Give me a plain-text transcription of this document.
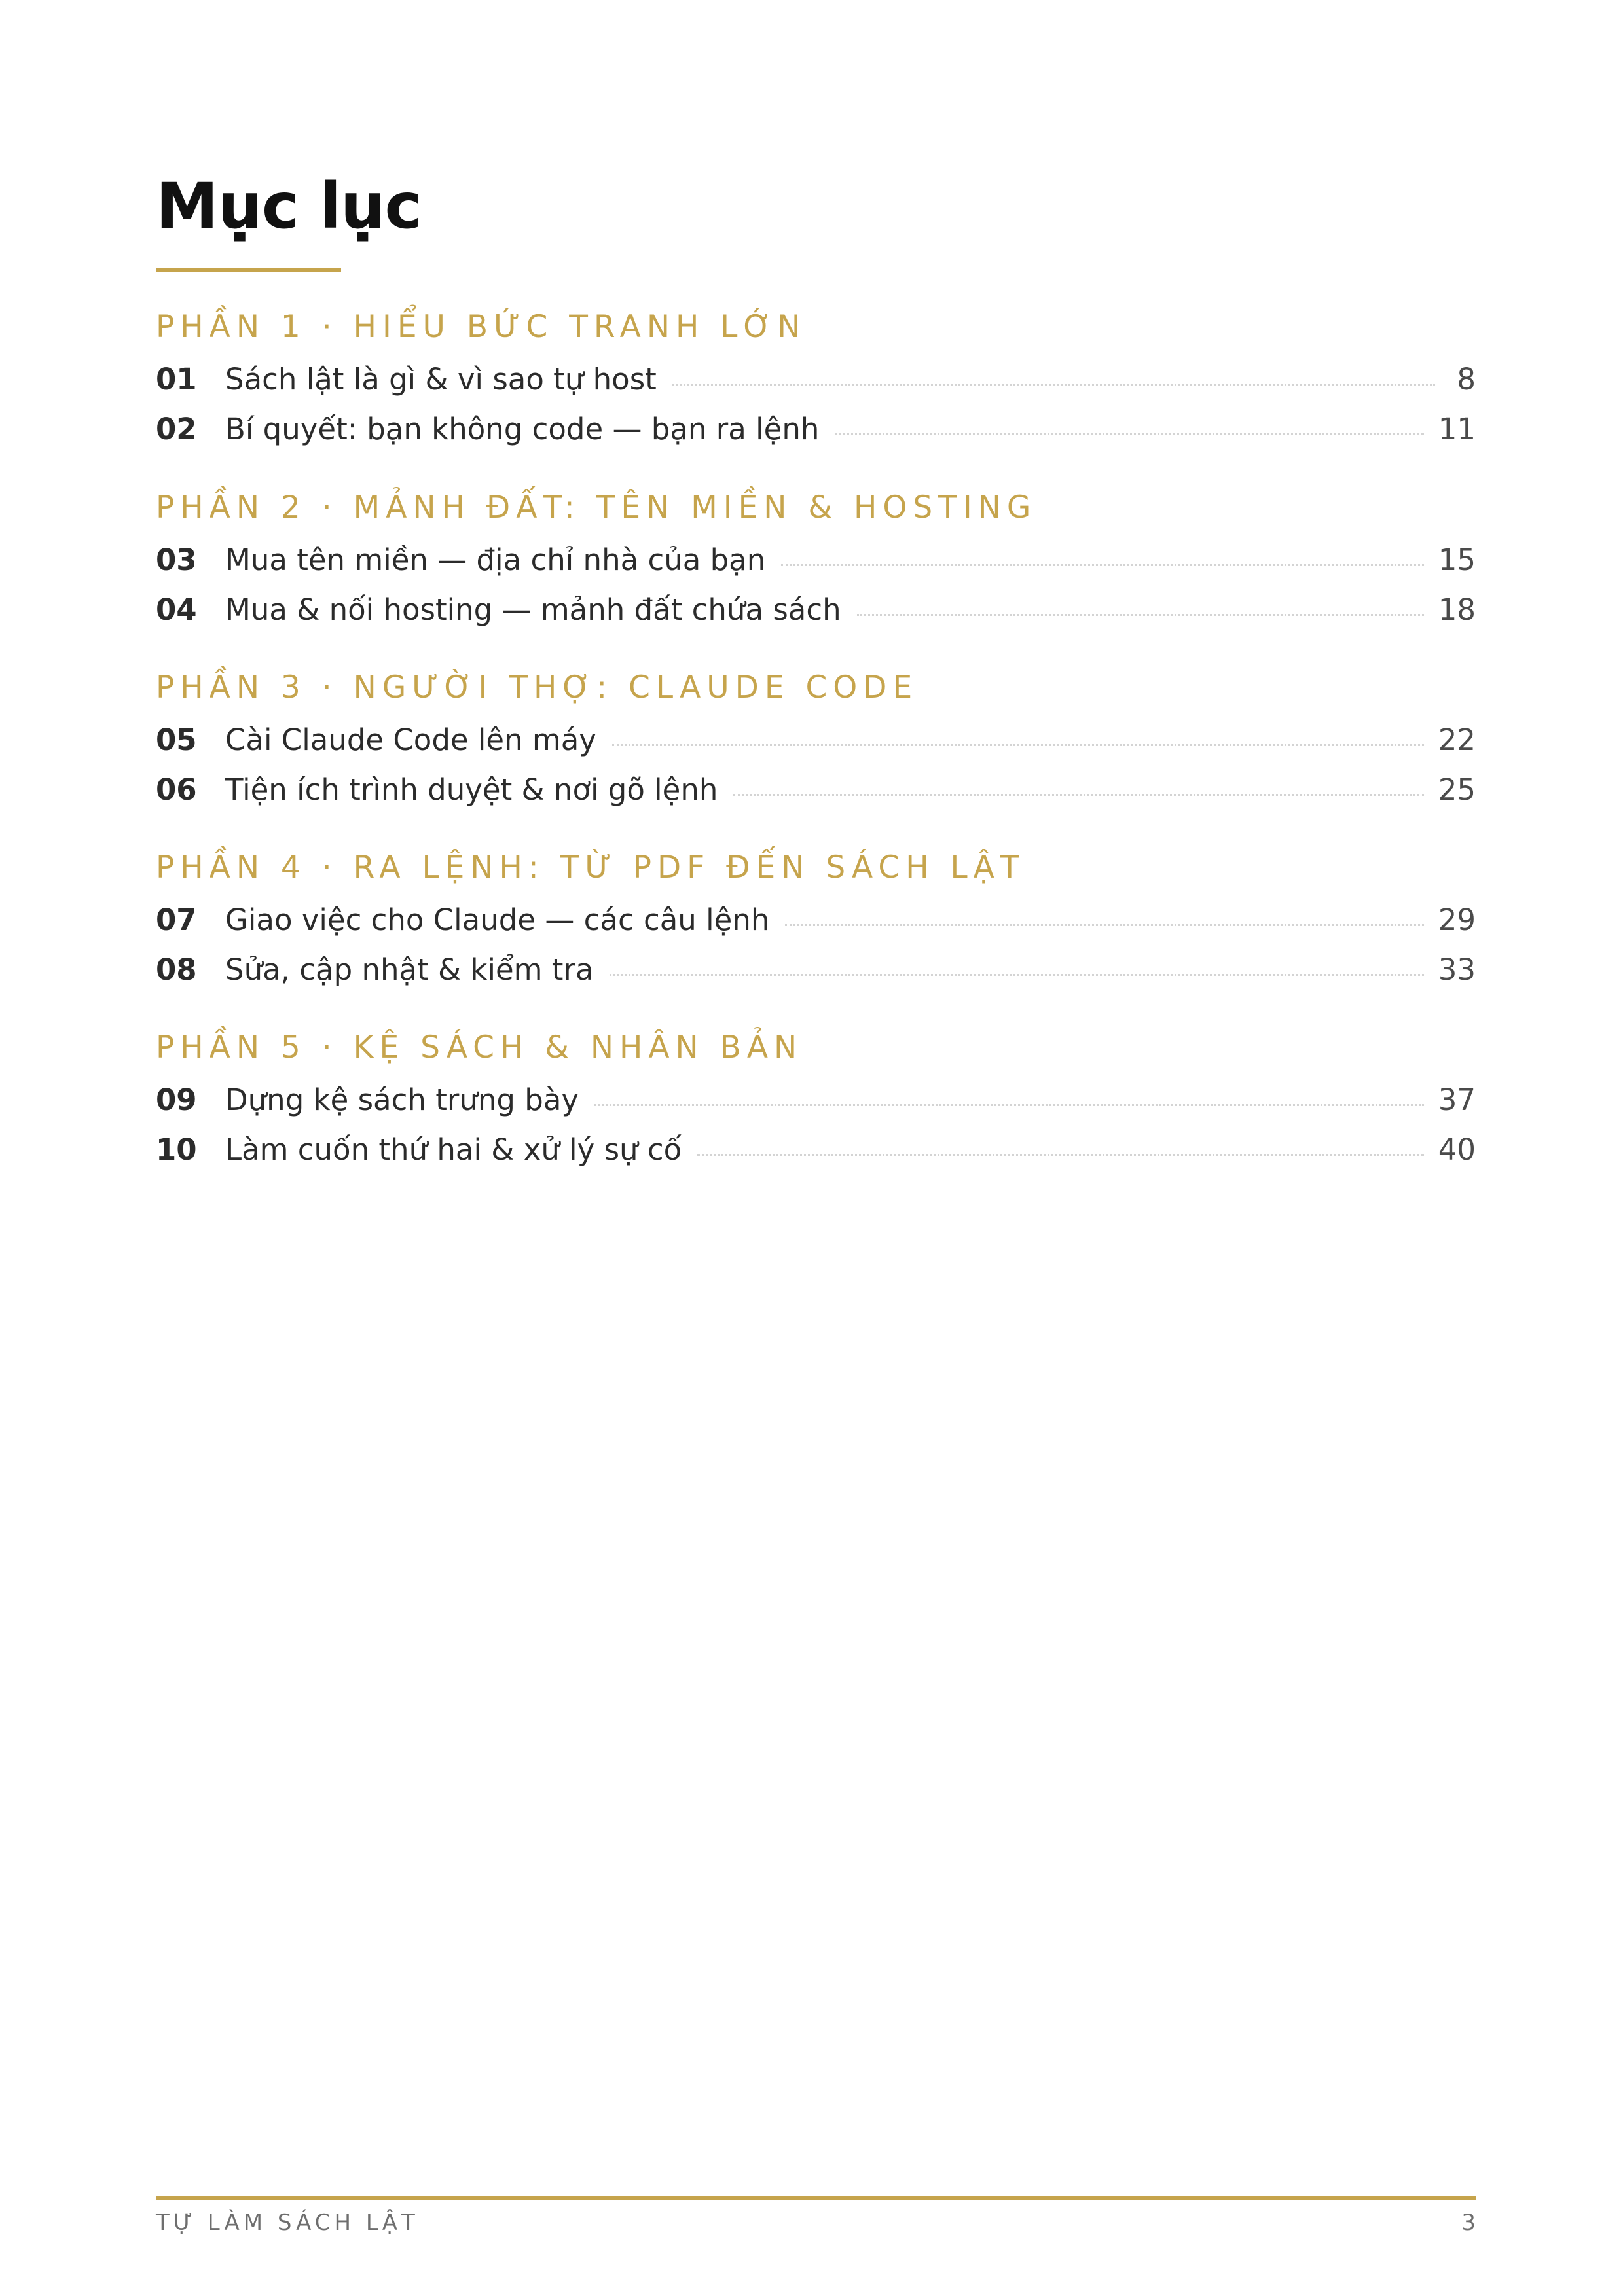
Mục lục
PHẦN 1 · HIỂU BỨC TRANH LỚN
01 Sách lật là gì & vì sao tự host	8
02 Bí quyết: bạn không code — bạn ra lệnh	11
PHẦN 2 · MẢNH ĐẤT: TÊN MIỀN & HOSTING
03 Mua tên miền — địa chỉ nhà của bạn	15
04 Mua & nối hosting — mảnh đất chứa sách	18
PHẦN 3 · NGƯỜI THỢ: CLAUDE CODE
05 Cài Claude Code lên máy	22
06 Tiện ích trình duyệt & nơi gõ lệnh	25
PHẦN 4 · RA LỆNH: TỪ PDF ĐẾN SÁCH LẬT
07 Giao việc cho Claude — các câu lệnh	29
08 Sửa, cập nhật & kiểm tra	33
PHẦN 5 · KỆ SÁCH & NHÂN BẢN
09 Dựng kệ sách trưng bày	37
10 Làm cuốn thứ hai & xử lý sự cố	40
TỰ LÀM SÁCH LẬT	3
